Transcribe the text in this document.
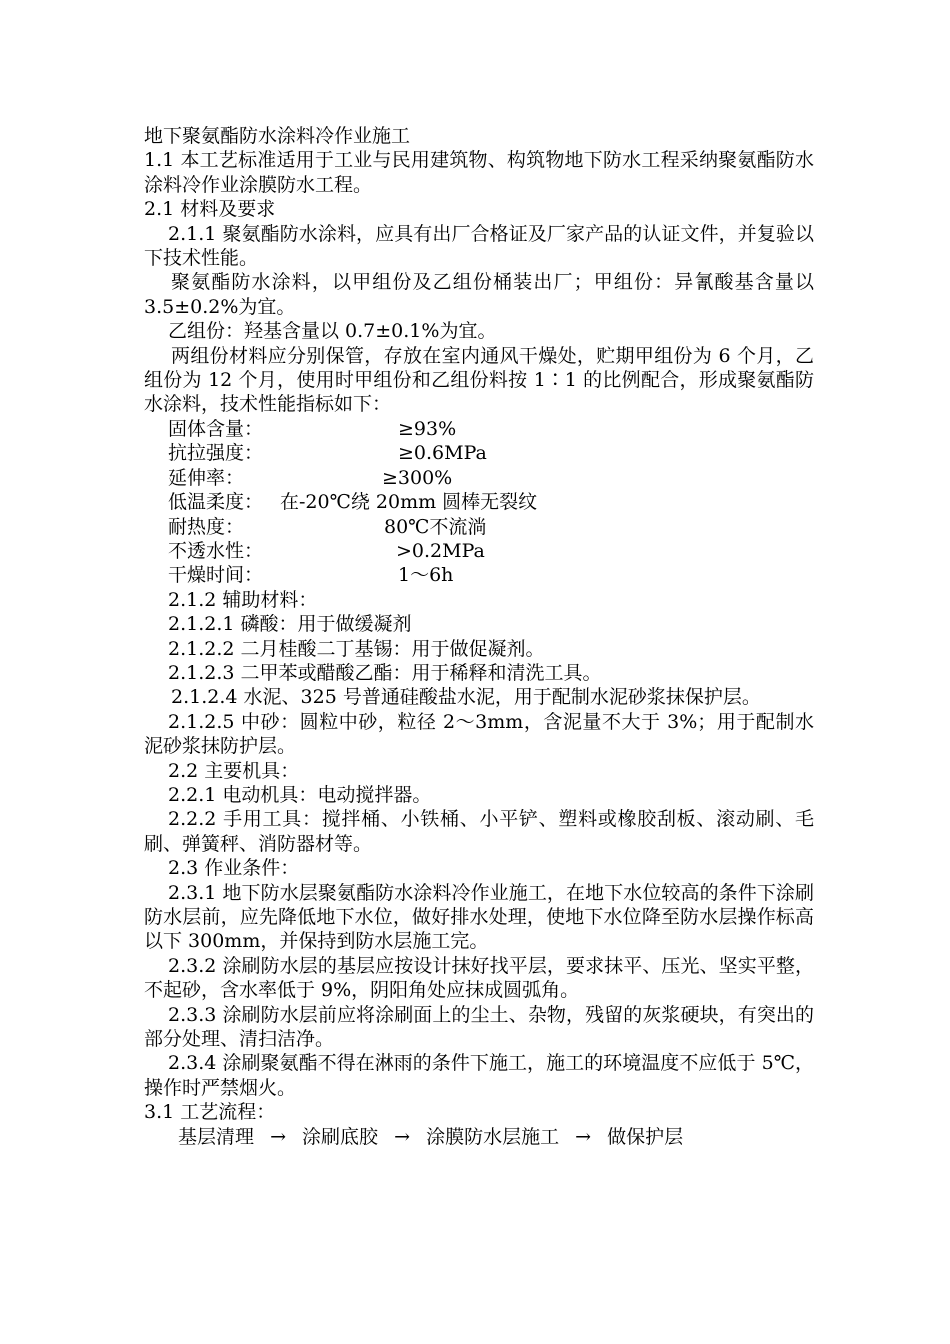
地下聚氨酯防水涂料冷作业施工
1.1 本工艺标准适用于工业与民用建筑物、构筑物地下防水工程采纳聚氨酯防水涂料冷作业涂膜防水工程。
2.1 材料及要求
2.1.1 聚氨酯防水涂料，应具有出厂合格证及厂家产品的认证文件，并复验以下技术性能。
聚氨酯防水涂料，以甲组份及乙组份桶装出厂；甲组份：异氰酸基含量以 3.5±0.2%为宜。
乙组份：羟基含量以 0.7±0.1%为宜。
两组份材料应分别保管，存放在室内通风干燥处，贮期甲组份为 6 个月，乙组份为 12 个月，使用时甲组份和乙组份料按 1∶1 的比例配合，形成聚氨酯防水涂料，技术性能指标如下：
固体含量：	≥93%
抗拉强度：	≥0.6MPa
延伸率：	≥300%
低温柔度： 在-20℃绕 20mm 圆棒无裂纹
耐热度：	80℃不流淌
不透水性：	>0.2MPa
干燥时间：	1～6h
2.1.2 辅助材料：
2.1.2.1 磷酸：用于做缓凝剂
2.1.2.2 二月桂酸二丁基锡：用于做促凝剂。
2.1.2.3 二甲苯或醋酸乙酯：用于稀释和清洗工具。
2.1.2.4 水泥、325 号普通硅酸盐水泥，用于配制水泥砂浆抹保护层。
2.1.2.5 中砂：圆粒中砂，粒径 2～3mm，含泥量不大于 3%；用于配制水泥砂浆抹防护层。
2.2 主要机具：
2.2.1 电动机具：电动搅拌器。
2.2.2 手用工具：搅拌桶、小铁桶、小平铲、塑料或橡胶刮板、滚动刷、毛刷、弹簧秤、消防器材等。
2.3 作业条件：
2.3.1 地下防水层聚氨酯防水涂料冷作业施工，在地下水位较高的条件下涂刷防水层前，应先降低地下水位，做好排水处理，使地下水位降至防水层操作标高以下 300mm，并保持到防水层施工完。
2.3.2 涂刷防水层的基层应按设计抹好找平层，要求抹平、压光、坚实平整，不起砂，含水率低于 9%，阴阳角处应抹成圆弧角。
2.3.3 涂刷防水层前应将涂刷面上的尘土、杂物，残留的灰浆硬块，有突出的部分处理、清扫洁净。
2.3.4 涂刷聚氨酯不得在淋雨的条件下施工，施工的环境温度不应低于 5℃，操作时严禁烟火。
3.1 工艺流程：
基层清理 → 涂刷底胶 → 涂膜防水层施工 → 做保护层
